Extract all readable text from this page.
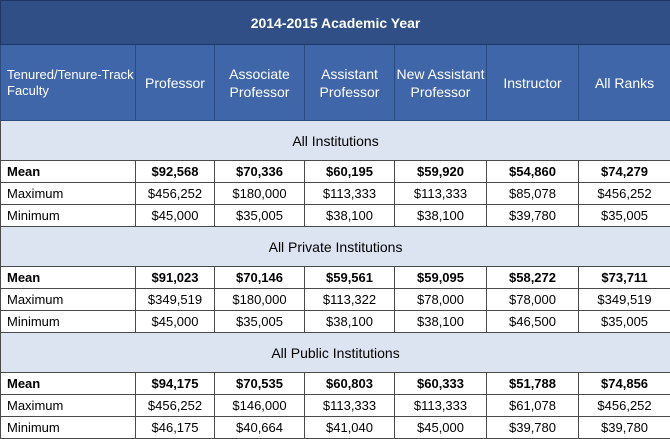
2014-2015 Academic Year						
Tenured/Tenure-Track Faculty	Professor	Associate Professor	Assistant Professor	New Assistant Professor	Instructor	All Ranks
All Institutions						
Mean	$92,568	$70,336	$60,195	$59,920	$54,860	$74,279
Maximum	$456,252	$180,000	$113,333	$113,333	$85,078	$456,252
Minimum	$45,000	$35,005	$38,100	$38,100	$39,780	$35,005
All Private Institutions						
Mean	$91,023	$70,146	$59,561	$59,095	$58,272	$73,711
Maximum	$349,519	$180,000	$113,322	$78,000	$78,000	$349,519
Minimum	$45,000	$35,005	$38,100	$38,100	$46,500	$35,005
All Public Institutions						
Mean	$94,175	$70,535	$60,803	$60,333	$51,788	$74,856
Maximum	$456,252	$146,000	$113,333	$113,333	$61,078	$456,252
Minimum	$46,175	$40,664	$41,040	$45,000	$39,780	$39,780
